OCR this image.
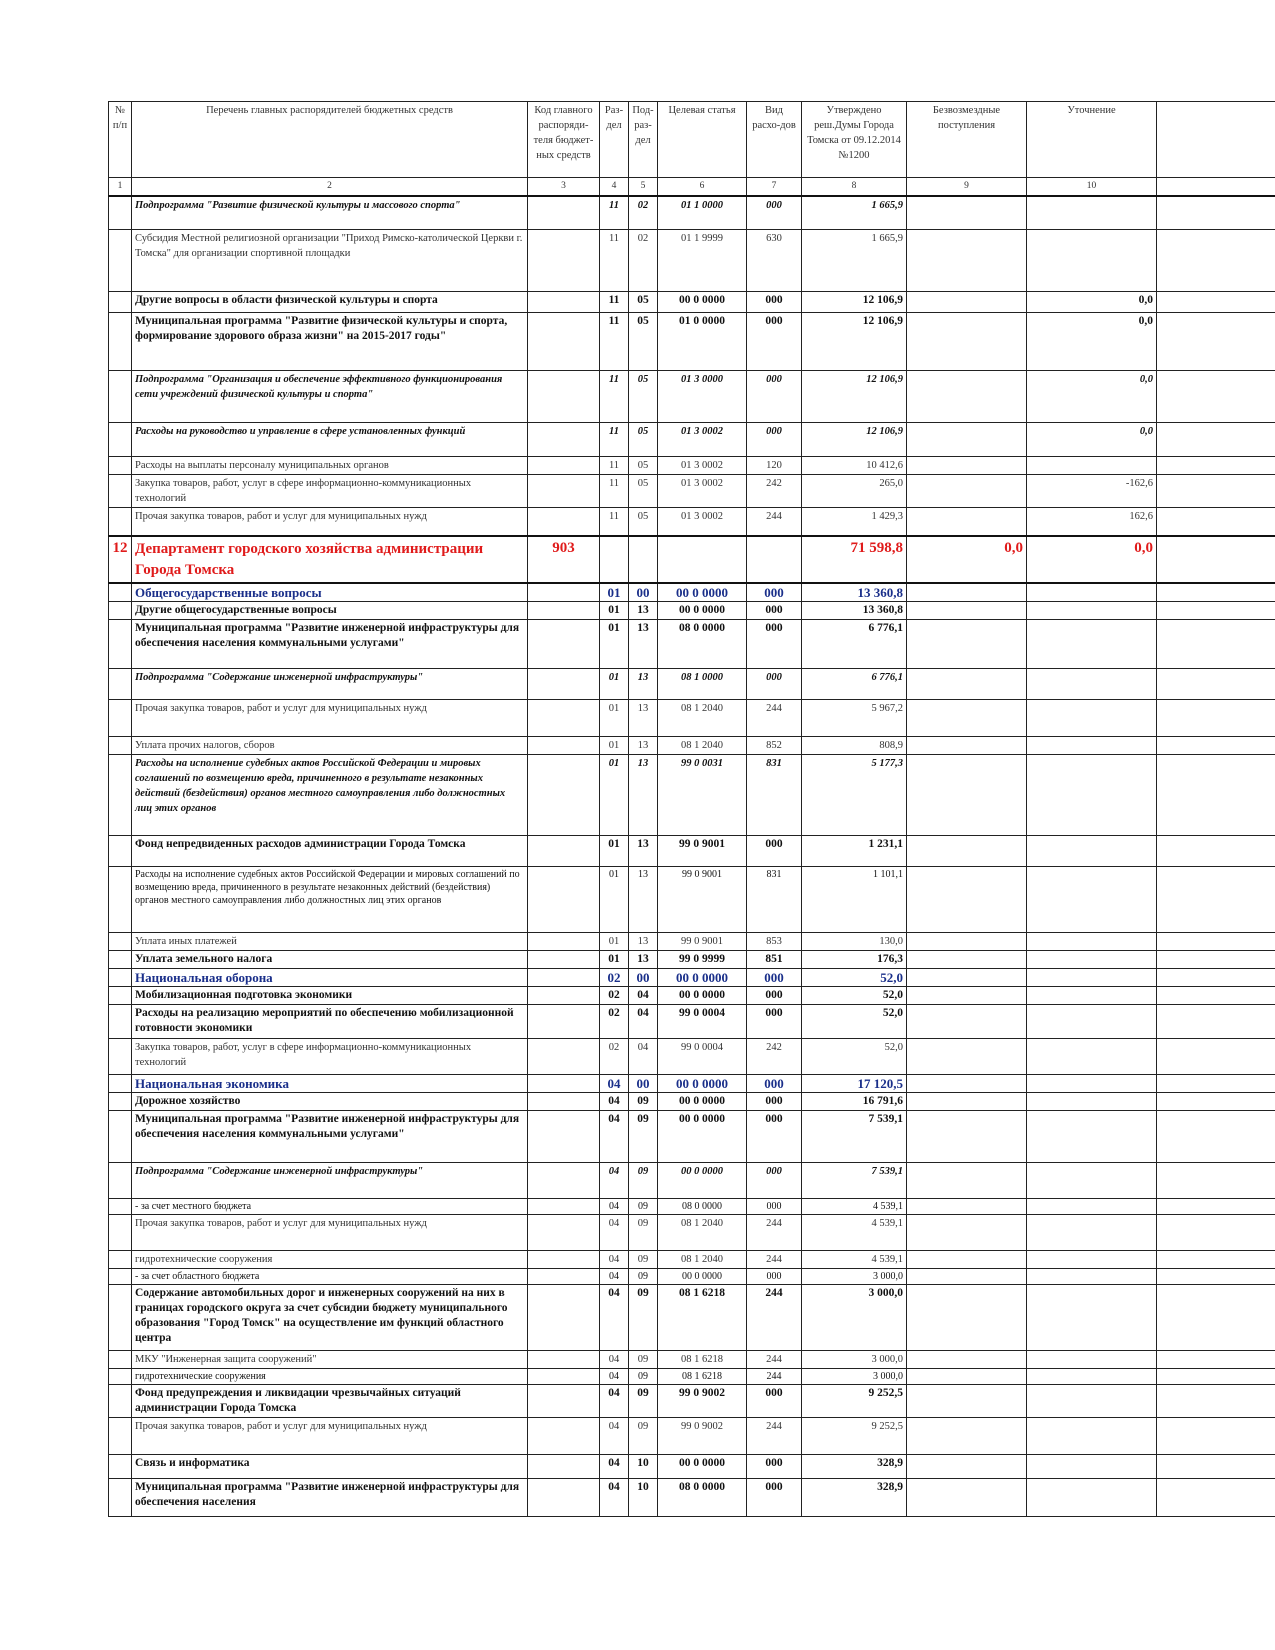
№ п/п	Перечень главных распорядителей бюджетных средств	Код главного распоряди-теля бюджет-ных средств	Раз-дел	Под-раз-дел	Целевая статья	Вид расхо-дов	Утверждено реш.Думы Города Томска от 09.12.2014 №1200	Безвозмездные поступления	Уточнение	
1	2	3	4	5	6	7	8	9	10	
	Подпрограмма "Развитие физической культуры и массового спорта"		11	02	01 1 0000	000	1 665,9			
	Субсидия Местной религиозной организации "Приход Римско-католической Церкви г. Томска" для организации спортивной площадки		11	02	01 1 9999	630	1 665,9			
	Другие вопросы в области физической культуры и спорта		11	05	00 0 0000	000	12 106,9		0,0	
	Муниципальная программа "Развитие физической культуры и спорта, формирование здорового образа жизни" на 2015-2017 годы"		11	05	01 0 0000	000	12 106,9		0,0	
	Подпрограмма "Организация и обеспечение эффективного функционирования сети учреждений физической культуры и спорта"		11	05	01 3 0000	000	12 106,9		0,0	
	Расходы на руководство и управление в сфере установленных функций		11	05	01 3 0002	000	12 106,9		0,0	
	Расходы на выплаты персоналу муниципальных органов		11	05	01 3 0002	120	10 412,6			
	Закупка товаров, работ, услуг в сфере информационно-коммуникационных технологий		11	05	01 3 0002	242	265,0		-162,6	
	Прочая закупка товаров, работ и услуг для муниципальных нужд		11	05	01 3 0002	244	1 429,3		162,6	
12	Департамент городского хозяйства администрации Города Томска	903					71 598,8	0,0	0,0	
	Общегосударственные вопросы		01	00	00 0 0000	000	13 360,8			
	Другие общегосударственные вопросы		01	13	00 0 0000	000	13 360,8			
	Муниципальная программа "Развитие инженерной инфраструктуры для обеспечения населения коммунальными услугами"		01	13	08 0 0000	000	6 776,1			
	Подпрограмма "Содержание инженерной инфраструктуры"		01	13	08 1 0000	000	6 776,1			
	Прочая закупка товаров, работ и услуг для муниципальных нужд		01	13	08 1 2040	244	5 967,2			
	Уплата прочих налогов, сборов		01	13	08 1 2040	852	808,9			
	Расходы на исполнение судебных актов Российской Федерации и мировых соглашений по возмещению вреда, причиненного в результате незаконных действий (бездействия) органов местного самоуправления либо должностных лиц этих органов		01	13	99 0 0031	831	5 177,3			
	Фонд непредвиденных расходов администрации Города Томска		01	13	99 0 9001	000	1 231,1			
	Расходы на исполнение судебных актов Российской Федерации и мировых соглашений по возмещению вреда, причиненного в результате незаконных действий (бездействия) органов местного самоуправления либо должностных лиц этих органов		01	13	99 0 9001	831	1 101,1			
	Уплата иных платежей		01	13	99 0 9001	853	130,0			
	Уплата земельного налога		01	13	99 0 9999	851	176,3			
	Национальная оборона		02	00	00 0 0000	000	52,0			
	Мобилизационная подготовка экономики		02	04	00 0 0000	000	52,0			
	Расходы на реализацию мероприятий по обеспечению мобилизационной готовности экономики		02	04	99 0 0004	000	52,0			
	Закупка товаров, работ, услуг в сфере информационно-коммуникационных технологий		02	04	99 0 0004	242	52,0			
	Национальная экономика		04	00	00 0 0000	000	17 120,5			
	Дорожное хозяйство		04	09	00 0 0000	000	16 791,6			
	Муниципальная программа "Развитие инженерной инфраструктуры для обеспечения населения коммунальными услугами"		04	09	00 0 0000	000	7 539,1			
	Подпрограмма "Содержание инженерной инфраструктуры"		04	09	00 0 0000	000	7 539,1			
	- за счет местного бюджета		04	09	08 0 0000	000	4 539,1			
	Прочая закупка товаров, работ и услуг для муниципальных нужд		04	09	08 1 2040	244	4 539,1			
	гидротехнические сооружения		04	09	08 1 2040	244	4 539,1			
	- за счет областного бюджета		04	09	00 0 0000	000	3 000,0			
	Содержание автомобильных дорог и инженерных сооружений на них в границах городского округа за счет субсидии бюджету муниципального образования "Город Томск" на осуществление им функций областного центра		04	09	08 1 6218	244	3 000,0			
	МКУ "Инженерная защита сооружений"		04	09	08 1 6218	244	3 000,0			
	гидротехнические сооружения		04	09	08 1 6218	244	3 000,0			
	Фонд предупреждения и ликвидации чрезвычайных ситуаций администрации Города Томска		04	09	99 0 9002	000	9 252,5			
	Прочая закупка товаров, работ и услуг для муниципальных нужд		04	09	99 0 9002	244	9 252,5			
	Связь и информатика		04	10	00 0 0000	000	328,9			
	Муниципальная программа "Развитие инженерной инфраструктуры для обеспечения населения		04	10	08 0 0000	000	328,9			
